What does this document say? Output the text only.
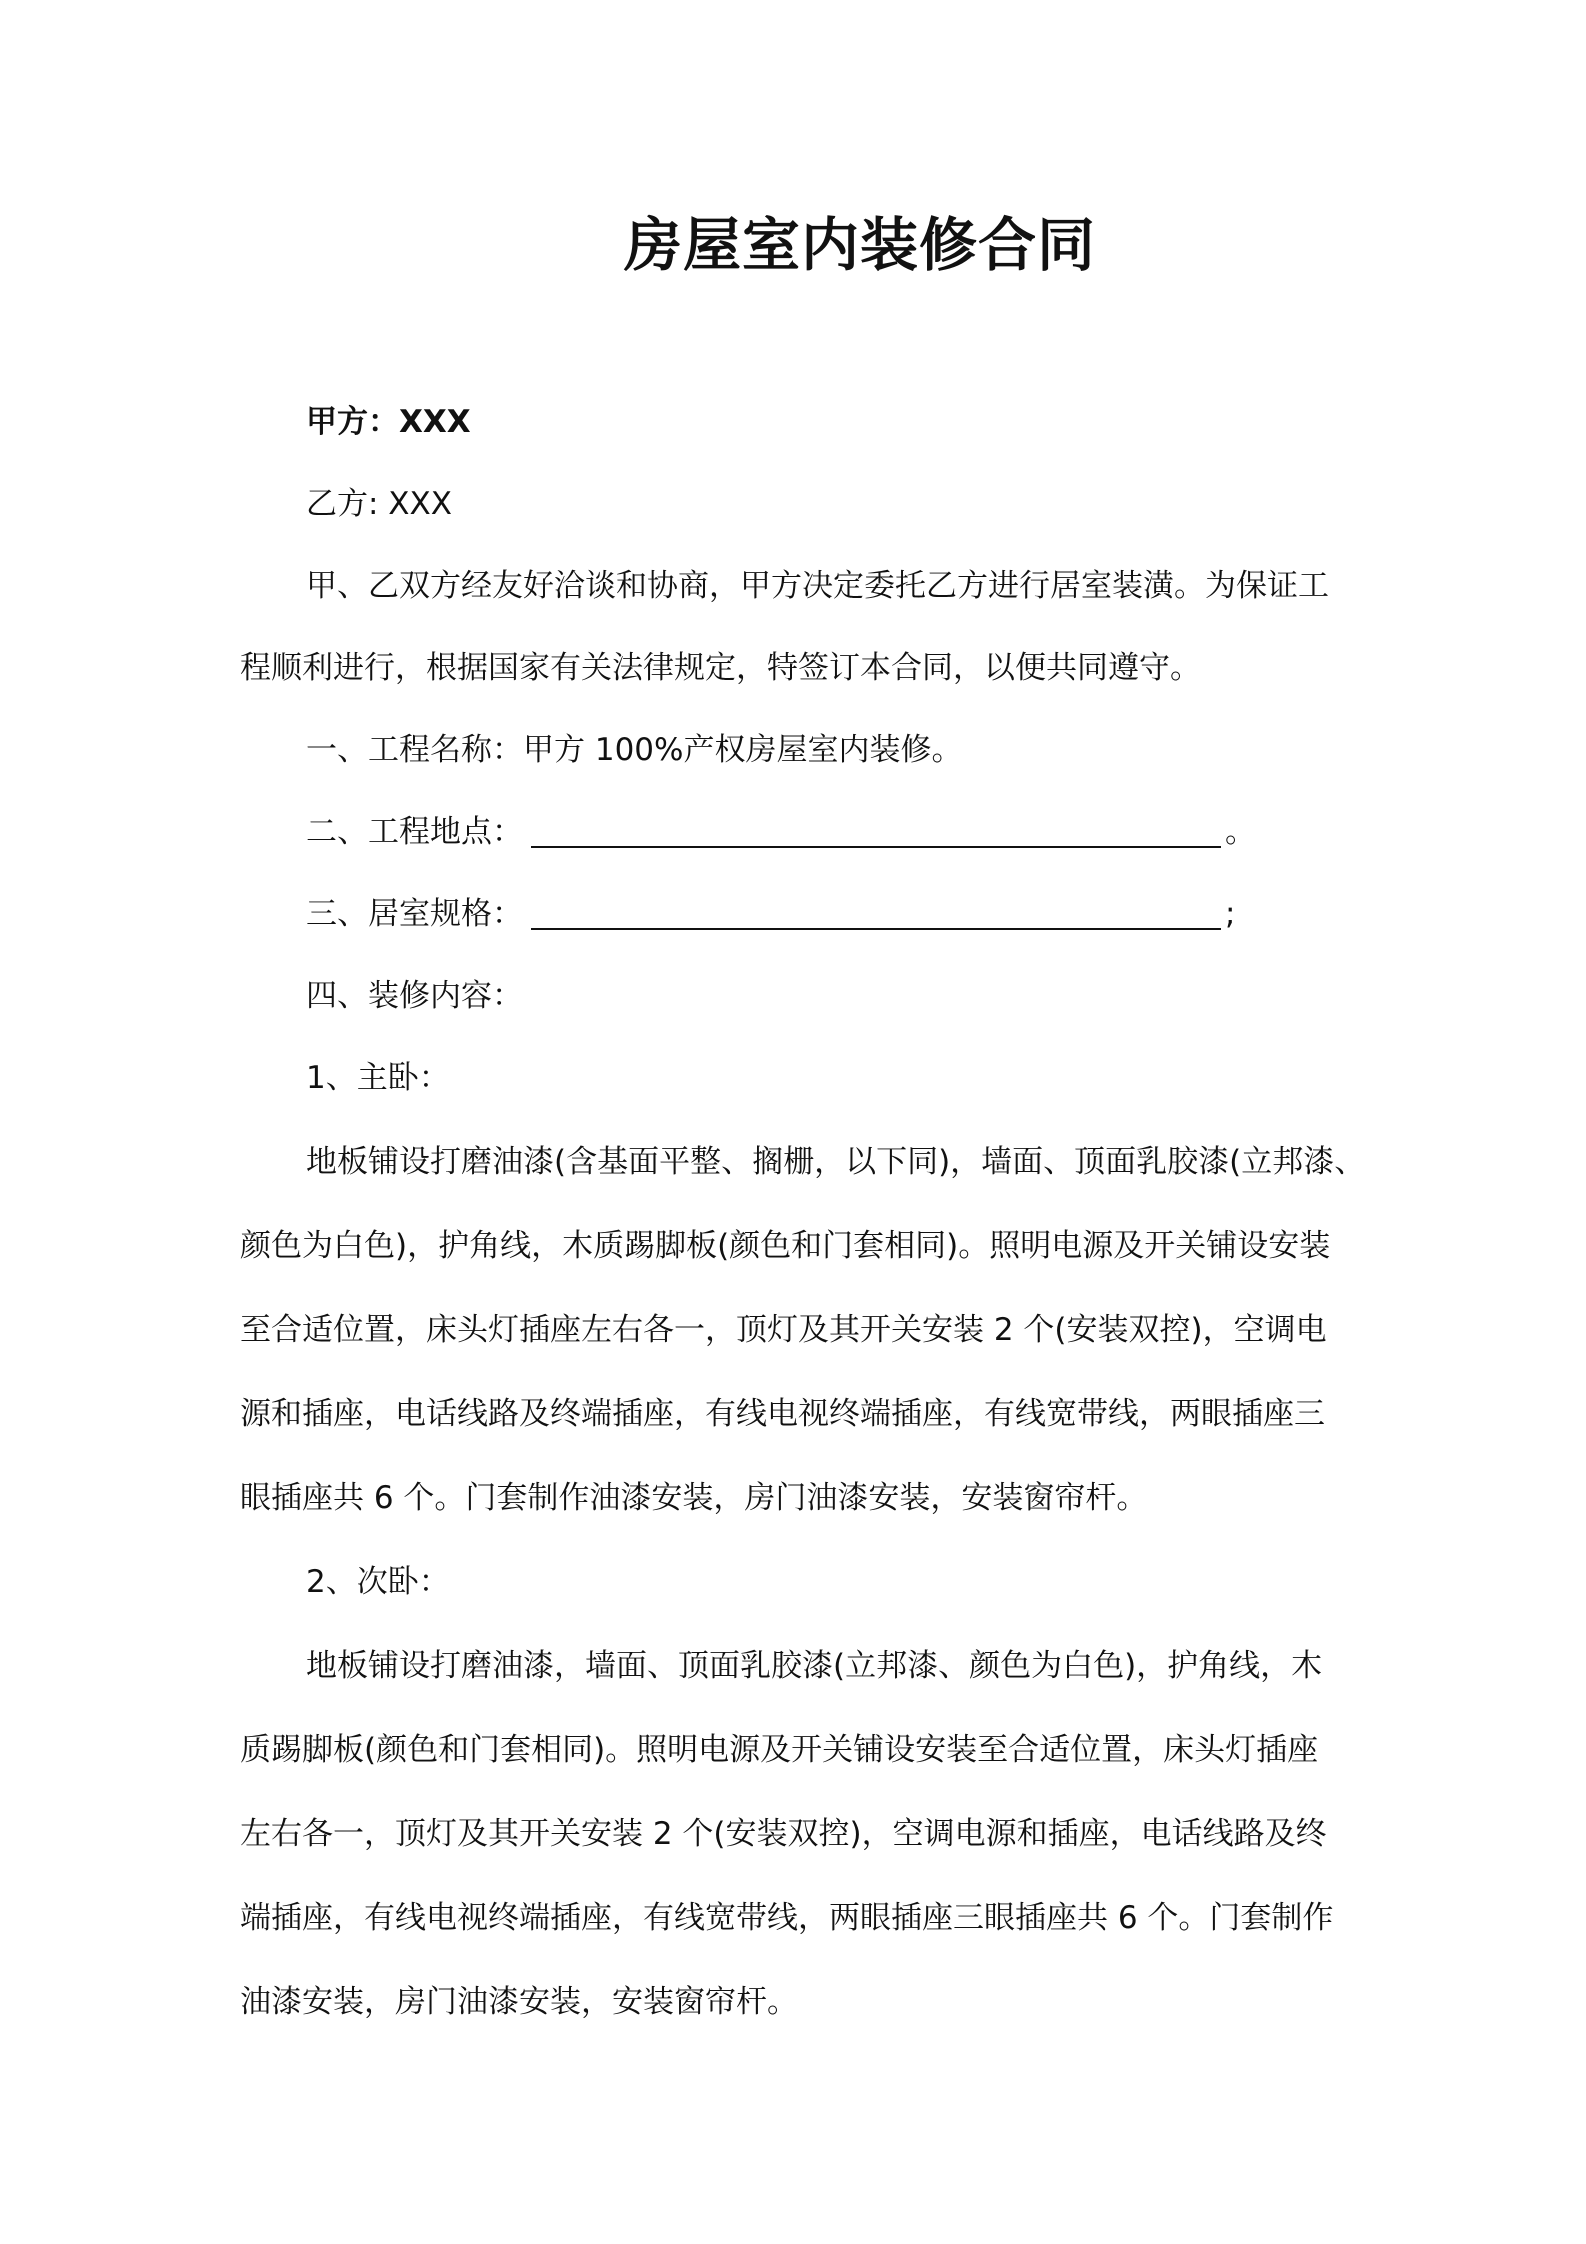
房屋室内装修合同
甲方：XXX
乙方: XXX
甲、乙双方经友好洽谈和协商，甲方决定委托乙方进行居室装潢。为保证工
程顺利进行，根据国家有关法律规定，特签订本合同，以便共同遵守。
一、工程名称：甲方 100%产权房屋室内装修。
二、工程地点：	。
三、居室规格：	;
四、装修内容：
1、主卧：
地板铺设打磨油漆(含基面平整、搁栅，以下同)，墙面、顶面乳胶漆(立邦漆、
颜色为白色)，护角线，木质踢脚板(颜色和门套相同)。照明电源及开关铺设安装
至合适位置，床头灯插座左右各一，顶灯及其开关安装 2 个(安装双控)，空调电
源和插座，电话线路及终端插座，有线电视终端插座，有线宽带线，两眼插座三
眼插座共 6 个。门套制作油漆安装，房门油漆安装，安装窗帘杆。
2、次卧：
地板铺设打磨油漆，墙面、顶面乳胶漆(立邦漆、颜色为白色)，护角线，木
质踢脚板(颜色和门套相同)。照明电源及开关铺设安装至合适位置，床头灯插座
左右各一，顶灯及其开关安装 2 个(安装双控)，空调电源和插座，电话线路及终
端插座，有线电视终端插座，有线宽带线，两眼插座三眼插座共 6 个。门套制作
油漆安装，房门油漆安装，安装窗帘杆。
